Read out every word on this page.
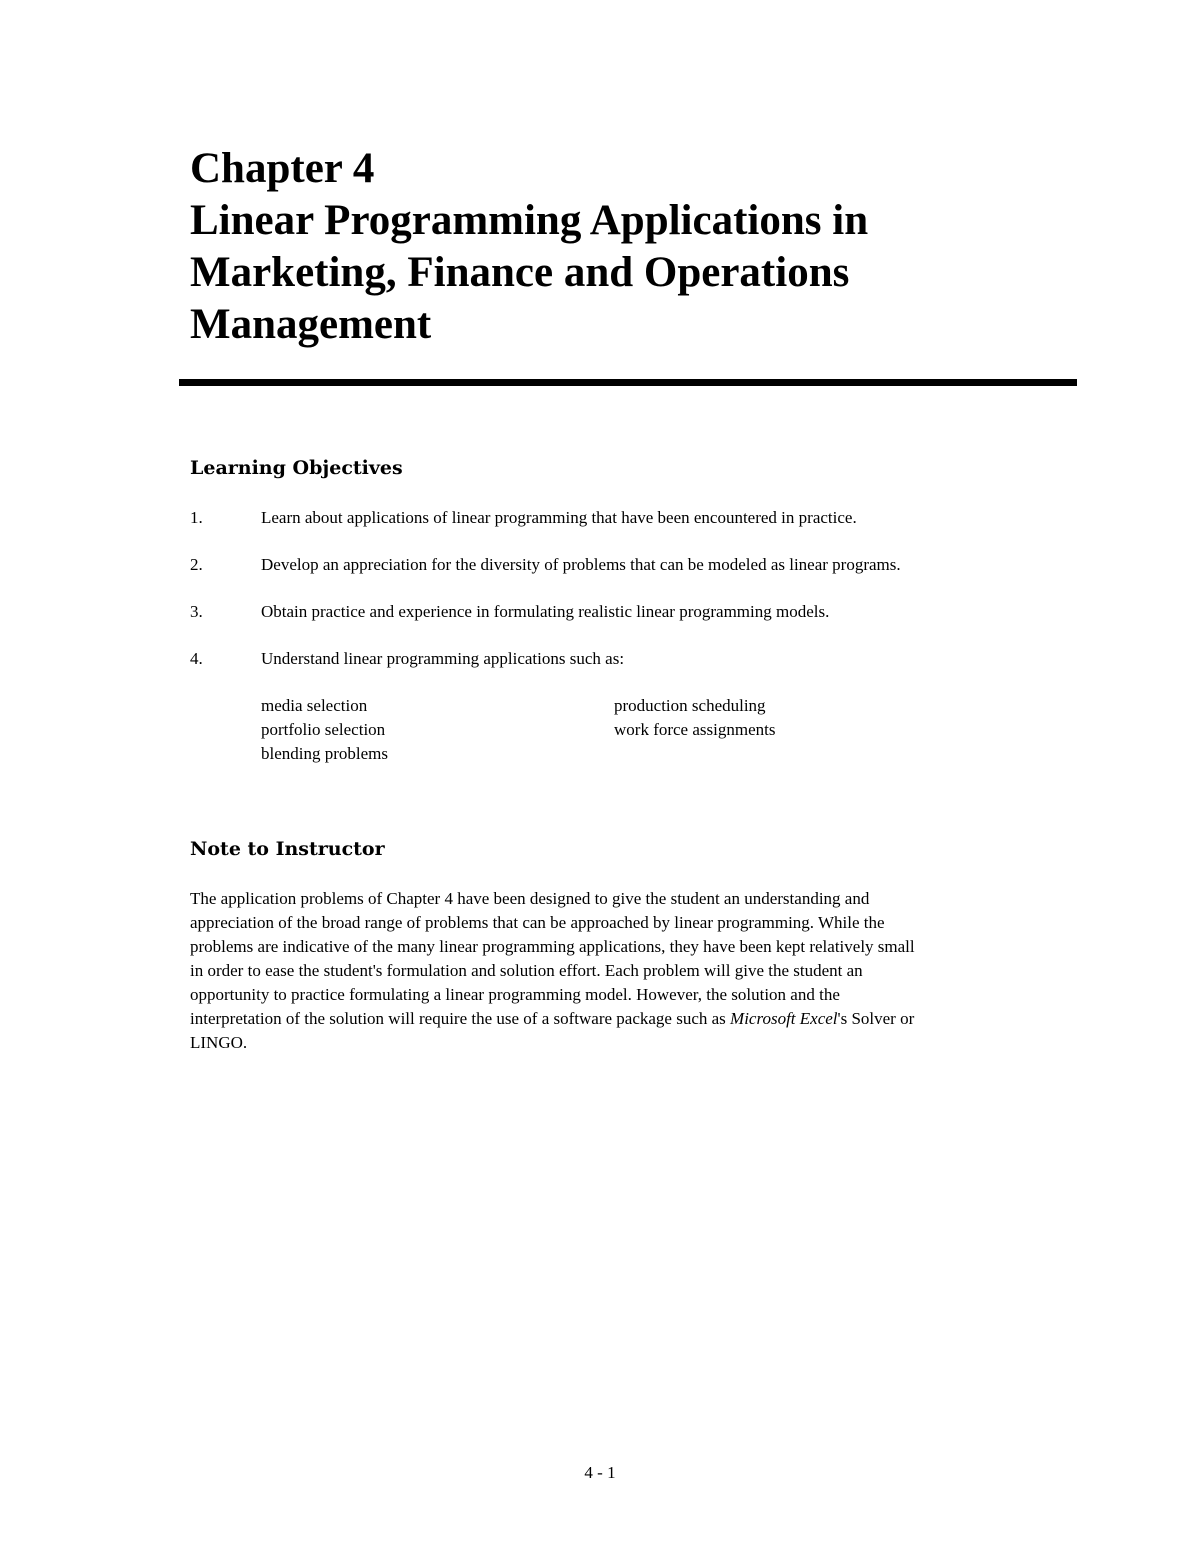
Chapter 4
Linear Programming Applications in
Marketing, Finance and Operations
Management
Learning Objectives
1.	Learn about applications of linear programming that have been encountered in practice.
2.	Develop an appreciation for the diversity of problems that can be modeled as linear programs.
3.	Obtain practice and experience in formulating realistic linear programming models.
4.	Understand linear programming applications such as:
media selection
portfolio selection
blending problems
production scheduling
work force assignments
Note to Instructor
The application problems of Chapter 4 have been designed to give the student an understanding and
appreciation of the broad range of problems that can be approached by linear programming. While the
problems are indicative of the many linear programming applications, they have been kept relatively small
in order to ease the student's formulation and solution effort. Each problem will give the student an
opportunity to practice formulating a linear programming model. However, the solution and the
interpretation of the solution will require the use of a software package such as Microsoft Excel's Solver or
LINGO.
4 - 1
